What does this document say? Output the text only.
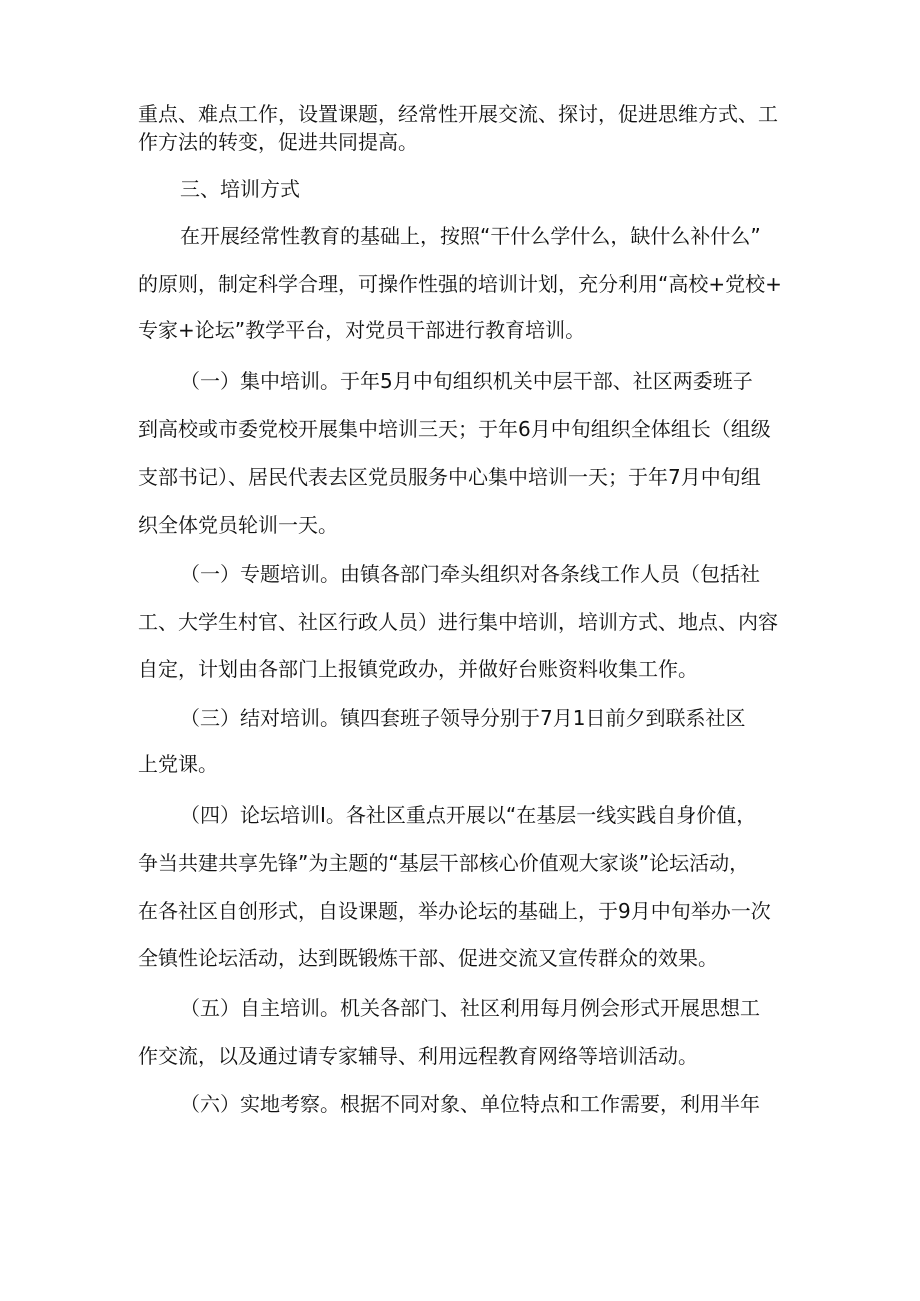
重点、难点工作，设置课题，经常性开展交流、探讨，促进思维方式、工
作方法的转变，促进共同提高。
三、培训方式
在开展经常性教育的基础上，按照“干什么学什么，缺什么补什么”
的原则，制定科学合理，可操作性强的培训计划，充分利用“高校+党校+
专家+论坛”教学平台，对党员干部进行教育培训。
（一）集中培训。于年5月中旬组织机关中层干部、社区两委班子
到高校或市委党校开展集中培训三天；于年6月中旬组织全体组长（组级
支部书记）、居民代表去区党员服务中心集中培训一天；于年7月中旬组
织全体党员轮训一天。
（一）专题培训。由镇各部门牵头组织对各条线工作人员（包括社
工、大学生村官、社区行政人员）进行集中培训，培训方式、地点、内容
自定，计划由各部门上报镇党政办，并做好台账资料收集工作。
（三）结对培训。镇四套班子领导分别于7月1日前夕到联系社区
上党课。
（四）论坛培训I。各社区重点开展以“在基层一线实践自身价值，
争当共建共享先锋”为主题的“基层干部核心价值观大家谈”论坛活动，
在各社区自创形式，自设课题，举办论坛的基础上，于9月中旬举办一次
全镇性论坛活动，达到既锻炼干部、促进交流又宣传群众的效果。
（五）自主培训。机关各部门、社区利用每月例会形式开展思想工
作交流，以及通过请专家辅导、利用远程教育网络等培训活动。
（六）实地考察。根据不同对象、单位特点和工作需要，利用半年
